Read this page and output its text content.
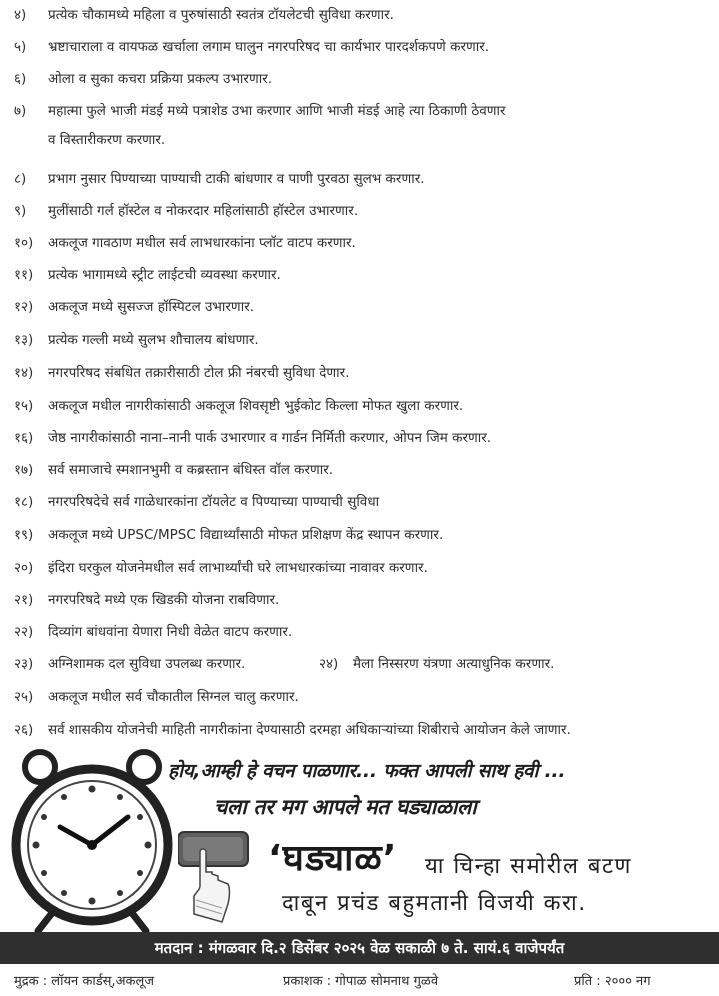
४) प्रत्येक चौकामध्ये महिला व पुरुषांसाठी स्वतंत्र टॉयलेटची सुविधा करणार.
५) भ्रष्टाचाराला व वायफळ खर्चाला लगाम घालुन नगरपरिषद चा कार्यभार पारदर्शकपणे करणार.
६) ओला व सुका कचरा प्रक्रिया प्रकल्प उभारणार.
७) महात्मा फुले भाजी मंडई मध्ये पत्राशेड उभा करणार आणि भाजी मंडई आहे त्या ठिकाणी ठेवणार
व विस्तारीकरण करणार.
८) प्रभाग नुसार पिण्याच्या पाण्याची टाकी बांधणार व पाणी पुरवठा सुलभ करणार.
९) मुलींसाठी गर्ल हॉस्टेल व नोकरदार महिलांसाठी हॉस्टेल उभारणार.
१०) अकलूज गावठाण मधील सर्व लाभधारकांना प्लॉट वाटप करणार.
११) प्रत्येक भागामध्ये स्ट्रीट लाईटची व्यवस्था करणार.
१२) अकलूज मध्ये सुसज्ज हॉस्पिटल उभारणार.
१३) प्रत्येक गल्ली मध्ये सुलभ शौचालय बांधणार.
१४) नगरपरिषद संबधित तक्रारीसाठी टोल फ्री नंबरची सुविधा देणार.
१५) अकलूज मधील नागरीकांसाठी अकलूज शिवसृष्टी भुईकोट किल्ला मोफत खुला करणार.
१६) जेष्ठ नागरीकांसाठी नाना–नानी पार्क उभारणार व गार्डन निर्मिती करणार, ओपन जिम करणार.
१७) सर्व समाजाचे स्मशानभुमी व कब्रस्तान बंधिस्त वॉल करणार.
१८) नगरपरिषदेचे सर्व गाळेधारकांना टॉयलेट व पिण्याच्या पाण्याची सुविधा
१९) अकलूज मध्ये UPSC/MPSC विद्यार्थ्यांसाठी मोफत प्रशिक्षण केंद्र स्थापन करणार.
२०) इंदिरा घरकुल योजनेमधील सर्व लाभार्थ्यांची घरे लाभधारकांच्या नावावर करणार.
२१) नगरपरिषदे मध्ये एक खिडकी योजना राबविणार.
२२) दिव्यांग बांधवांना येणारा निधी वेळेत वाटप करणार.
२३) अग्निशामक दल सुविधा उपलब्ध करणार.	२४) मैला निस्सरण यंत्रणा अत्याधुनिक करणार.
२५) अकलूज मधील सर्व चौकातील सिग्नल चालु करणार.
२६) सर्व शासकीय योजनेची माहिती नागरीकांना देण्यासाठी दरमहा अधिकाऱ्यांच्या शिबीराचे आयोजन केले जाणार.
होय,आम्ही हे वचन पाळणार... फक्त आपली साथ हवी ...
चला तर मग आपले मत घड्याळाला
‘घड्याळ’ या चिन्हा समोरील बटण
दाबून प्रचंड बहुमतानी विजयी करा.
मतदान : मंगळवार दि.२ डिसेंबर २०२५ वेळ सकाळी ७ ते. सायं.६ वाजेपर्यंत
मुद्रक : लॉयन कार्डस्,अकलूज	प्रकाशक : गोपाळ सोमनाथ गुळवे	प्रति : २००० नग
